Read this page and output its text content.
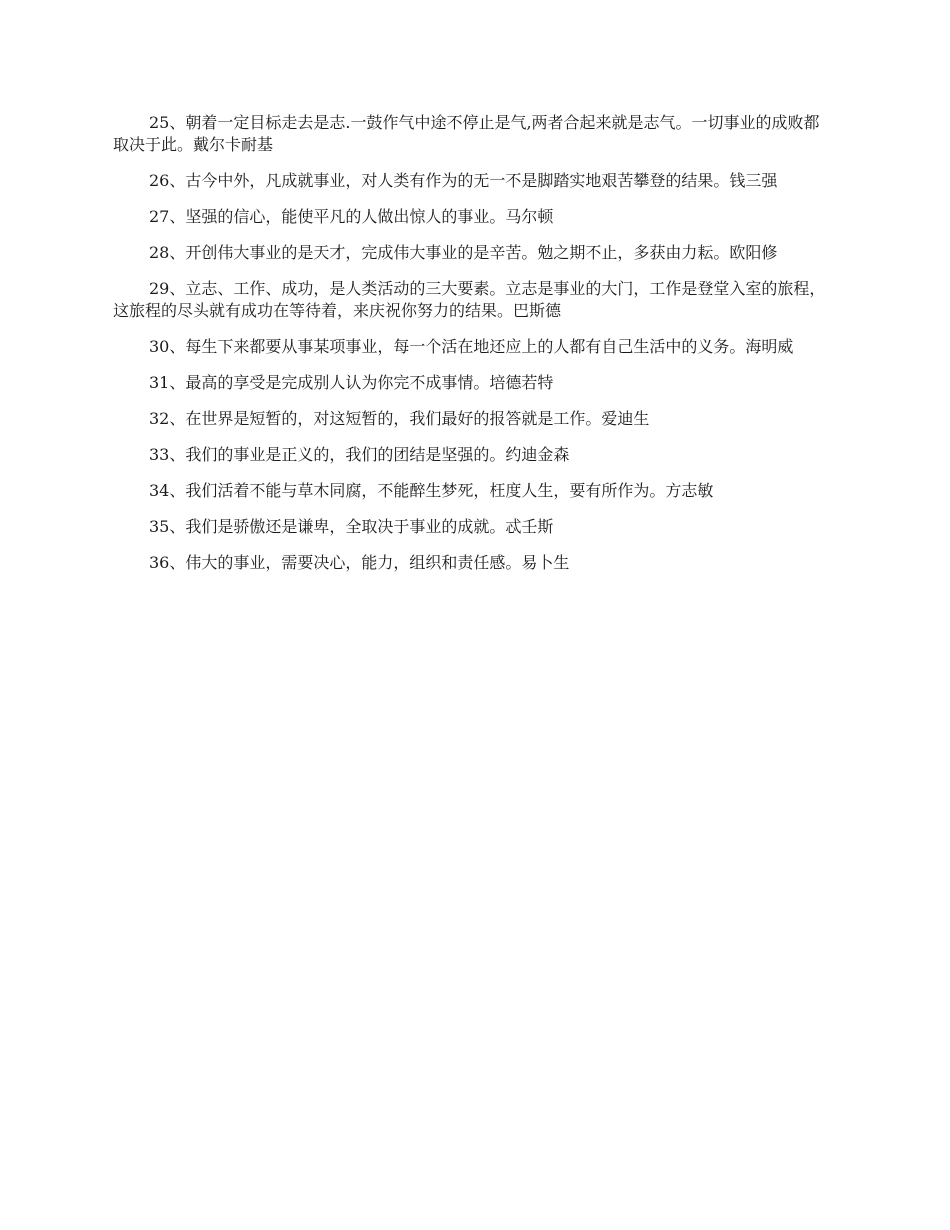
25、朝着一定目标走去是志.一鼓作气中途不停止是气,两者合起来就是志气。一切事业的成败都取决于此。戴尔卡耐基

26、古今中外，凡成就事业，对人类有作为的无一不是脚踏实地艰苦攀登的结果。钱三强

27、坚强的信心，能使平凡的人做出惊人的事业。马尔顿

28、开创伟大事业的是天才，完成伟大事业的是辛苦。勉之期不止，多获由力耘。欧阳修

29、立志、工作、成功，是人类活动的三大要素。立志是事业的大门，工作是登堂入室的旅程，这旅程的尽头就有成功在等待着，来庆祝你努力的结果。巴斯德

30、每生下来都要从事某项事业，每一个活在地还应上的人都有自己生活中的义务。海明威

31、最高的享受是完成别人认为你完不成事情。培德若特

32、在世界是短暂的，对这短暂的，我们最好的报答就是工作。爱迪生

33、我们的事业是正义的，我们的团结是坚强的。约迪金森

34、我们活着不能与草木同腐，不能醉生梦死，枉度人生，要有所作为。方志敏

35、我们是骄傲还是谦卑，全取决于事业的成就。忒壬斯

36、伟大的事业，需要决心，能力，组织和责任感。易卜生
